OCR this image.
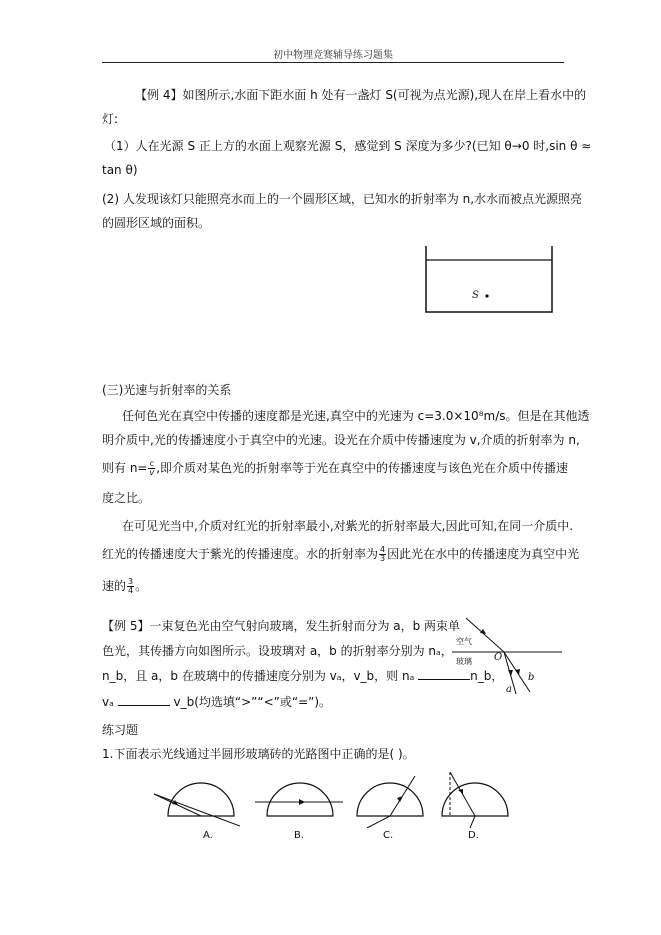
初中物理竞赛辅导练习题集
【例 4】如图所示,水面下距水面 h 处有一盏灯 S(可视为点光源),现人在岸上看水中的
灯:
（1）人在光源 S 正上方的水面上观察光源 S，感觉到 S 深度为多少?(已知 θ→0 时,sin θ ≈
tan θ)
(2) 人发现该灯只能照亮水而上的一个圆形区域，已知水的折射率为 n,水水而被点光源照亮
的圆形区域的面积。
S
(三)光速与折射率的关系
任何色光在真空中传播的速度都是光速,真空中的光速为 c=3.0×10⁸m/s。但是在其他透
明介质中,光的传播速度小于真空中的光速。设光在介质中传播速度为 v,介质的折射率为 n,
则有 $n= \frac{c}{v}$ ,即介质对某色光的折射率等于光在真空中的传播速度与该色光在介质中传播速
度之比。
在可见光当中,介质对红光的折射率最小,对紫光的折射率最大,因此可知,在同一介质中.
红光的传播速度大于紫光的传播速度。水的折射率为 $\frac{4}{3}$ 因此光在水中的传播速度为真空中光
速的 $\frac{3}{4}$ 。
【例 5】一束复色光由空气射向玻璃，发生折射而分为 a，b 两束单
色光，其传播方向如图所示。设玻璃对 a，b 的折射率分别为 nₐ，
n_b，且 a，b 在玻璃中的传播速度分别为 vₐ，v_b，则 nₐ	n_b，
vₐ	v_b(均选填“>”“<”或“=”)。
空气
玻璃 O
a
b
练习题
1.下面表示光线通过半圆形玻璃砖的光路图中正确的是( )。
A.	B.	C.	D.
